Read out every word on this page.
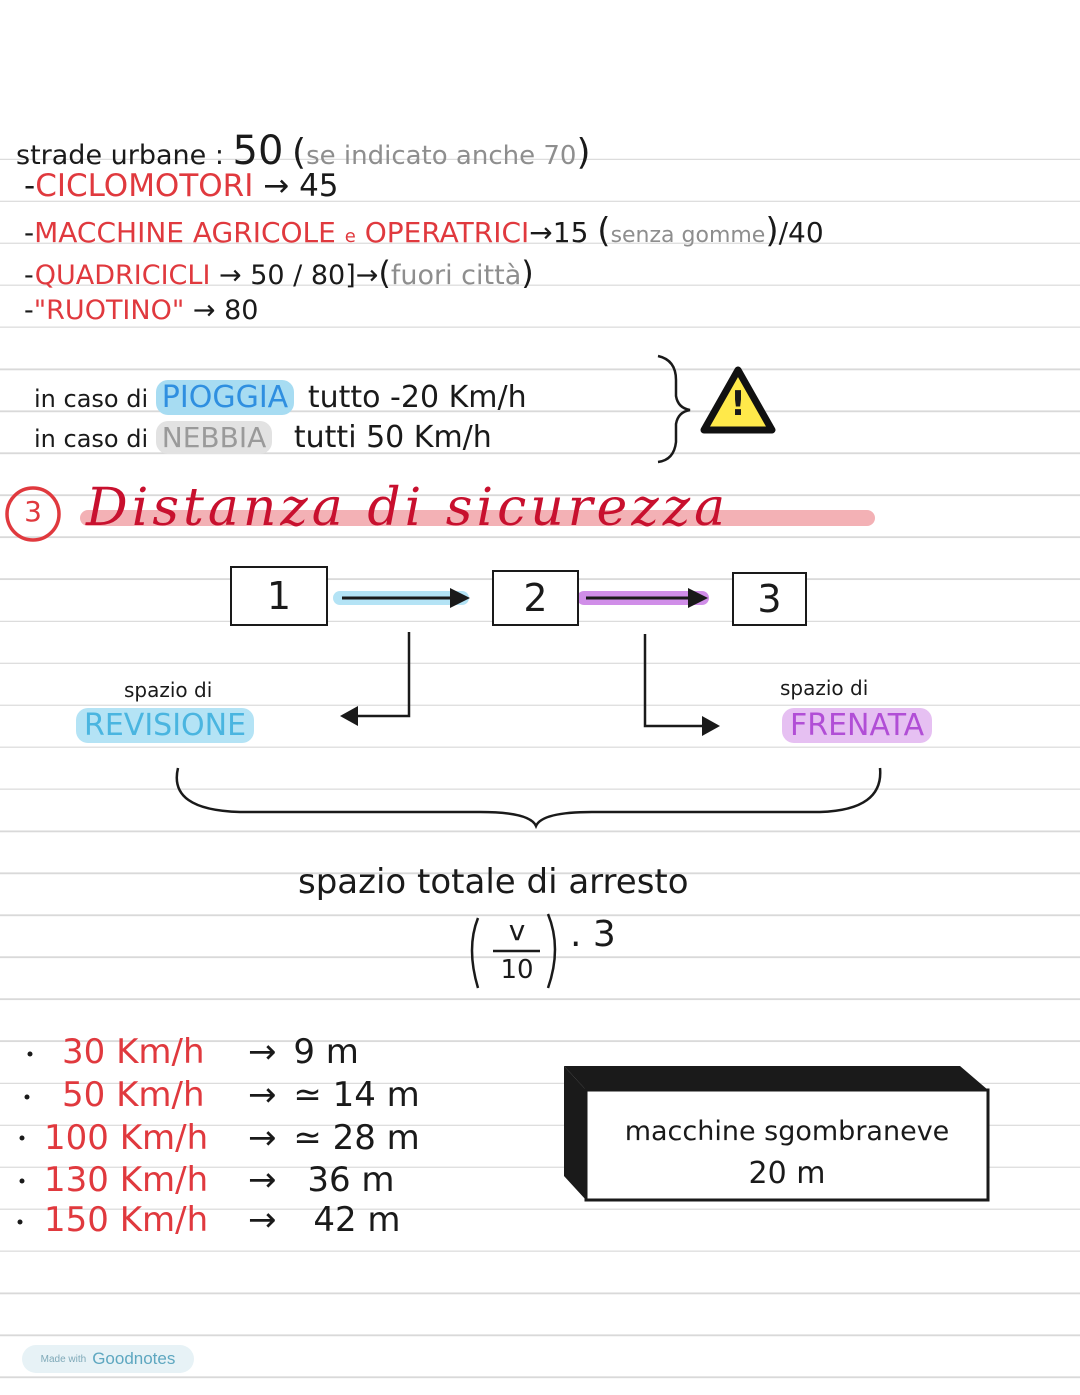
strade urbane : 50 (se indicato anche 70)
-CICLOMOTORI → 45
-MACCHINE AGRICOLE e OPERATRICI→15 (senza gomme)/40
-QUADRICICLI → 50 / 80]→(fuori città)
-"RUOTINO" → 80
in caso di PIOGGIA tutto -20 Km/h
in caso di NEBBIA tutti 50 Km/h
!
3 Distanza di sicurezza
1	2	3
spazio di
REVISIONE
spazio di
FRENATA
spazio totale di arresto
v
10
. 3
30 Km/h → 9 m
50 Km/h → ≃ 14 m
100 Km/h → ≃ 28 m
130 Km/h → 36 m
150 Km/h → 42 m
macchine sgombraneve
20 m
Made with Goodnotes
